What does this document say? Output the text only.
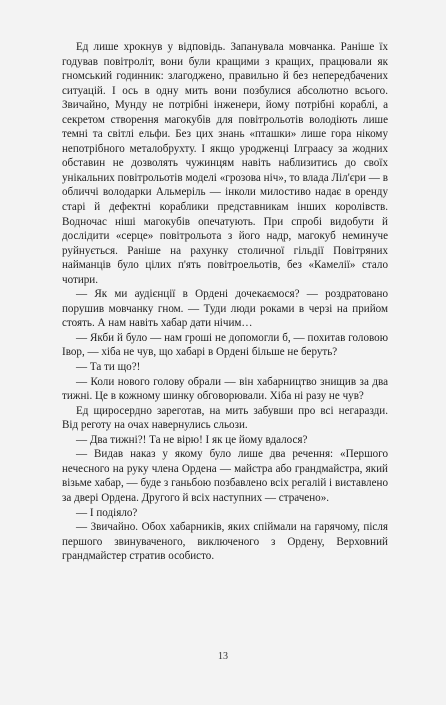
Ед лише хрокнув у відповідь. Запанувала мовчанка. Раніше їх годував повітроліт, вони були кращими з кращих, працювали як гномський годинник: злагоджено, правильно й без непередбачених ситуацій. І ось в одну мить вони позбулися абсолютно всього. Звичайно, Мунду не потрібні інженери, йому потрібні кораблі, а секретом створення магокубів для повітрольотів володіють лише темні та світлі ельфи. Без цих знань «пташки» лише гора нікому непотрібного металобрухту. І якщо уродженці Ілграасу за жодних обставин не дозволять чужинцям навіть наблизитись до своїх унікальних повітрольотів моделі «грозова ніч», то влада Ліл'єри — в обличчі володарки Альмеріль — інколи милостиво надає в оренду старі й дефектні кораблики представникам інших королівств. Водночас ніші магокубів опечатують. При спробі видобути й дослідити «серце» повітрольота з його надр, магокуб неминуче руйнується. Раніше на рахунку столичної гільдії Повітряних найманців було цілих п'ять повітроельотів, без «Камелії» стало чотири.

— Як ми аудієнції в Ордені дочекаємося? — роздратовано порушив мовчанку гном. — Туди люди роками в черзі на прийом стоять. А нам навіть хабар дати нічим…

— Якби й було — нам гроші не допомогли б, — похитав головою Івор, — хіба не чув, що хабарі в Ордені більше не беруть?

— Та ти що?!

— Коли нового голову обрали — він хабарництво знищив за два тижні. Це в кожному шинку обговорювали. Хіба ні разу не чув?

Ед щиросердно зареготав, на мить забувши про всі негаразди. Від реготу на очах навернулись сльози.

— Два тижні?! Та не вірю! І як це йому вдалося?

— Видав наказ у якому було лише два речення: «Першого нечесного на руку члена Ордена — майстра або грандмайстра, який візьме хабар, — буде з ганьбою позбавлено всіх регалій і виставлено за двері Ордена. Другого й всіх наступних — страчено».

— І подіяло?

— Звичайно. Обох хабарників, яких спіймали на гарячому, після першого звинуваченого, виключеного з Ордену, Верховний грандмайстер стратив особисто.

13
